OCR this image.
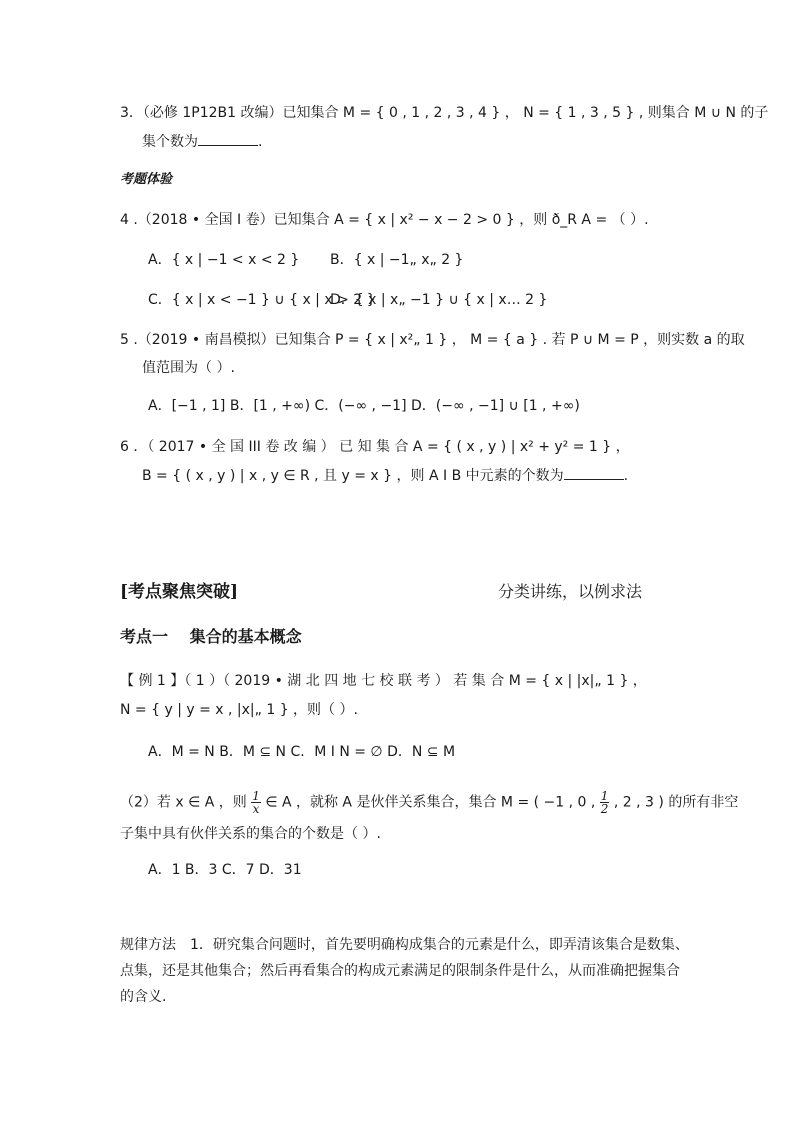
3．（必修 1P12B1 改编）已知集合 M = { 0 , 1 , 2 , 3 , 4 } ， N = { 1 , 3 , 5 } , 则集合 M ∪ N 的子
集个数为	.
考题体验
4 .（2018 • 全国 I 卷）已知集合 A = { x | x² − x − 2 > 0 } ，则 ð_R A = （ ）.
A．{ x | −1 < x < 2 } B．{ x | −1„ x„ 2 }
C．{ x | x < −1 } ∪ { x | x > 2 }
D．{ x | x„ −1 } ∪ { x | x… 2 }
5 .（2019 • 南昌模拟）已知集合 P = { x | x²„ 1 } ， M = { a } . 若 P ∪ M = P ，则实数 a 的取
值范围为（ ）.
A．[−1 , 1] B．[1 , +∞) C．(−∞ , −1] D．(−∞ , −1] ∪ [1 , +∞)
6 ．（ 2017 • 全 国 III 卷 改 编 ） 已 知 集 合 A = { ( x , y ) | x² + y² = 1 } ，
B = { ( x , y ) | x , y ∈ R , 且 y = x } ，则 A I B 中元素的个数为	.
[考点聚焦突破]	分类讲练，以例求法
考点一　 集合的基本概念
【 例 1 】（ 1 ）（ 2019 • 湖 北 四 地 七 校 联 考 ） 若 集 合 M = { x | |x|„ 1 } ，
N = { y | y = x , |x|„ 1 } ，则（ ）.
A．M = N B．M ⊆ N C．M I N = ∅ D．N ⊆ M
（2）若 x ∈ A ，则 $\frac{1}{x}$ ∈ A ，就称 A 是伙伴关系集合，集合 M = ( −1 , 0 , $\frac{1}{2}$ , 2 , 3 ) 的所有非空
子集中具有伙伴关系的集合的个数是（ ）.
A．1 B．3 C．7 D．31
规律方法　1．研究集合问题时，首先要明确构成集合的元素是什么，即弄清该集合是数集、
点集，还是其他集合；然后再看集合的构成元素满足的限制条件是什么，从而准确把握集合
的含义.
